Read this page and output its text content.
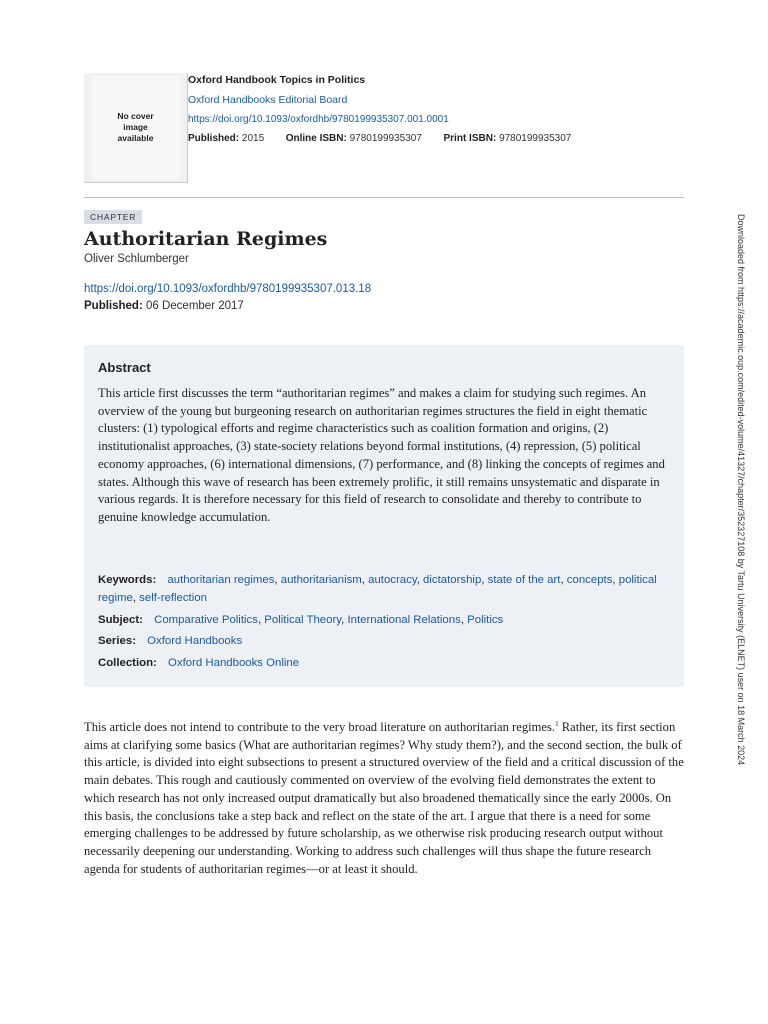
No cover image available
Oxford Handbook Topics in Politics
Oxford Handbooks Editorial Board
https://doi.org/10.1093/oxfordhb/9780199935307.001.0001
Published: 2015 Online ISBN: 9780199935307 Print ISBN: 9780199935307
CHAPTER
Authoritarian Regimes
Oliver Schlumberger
https://doi.org/10.1093/oxfordhb/9780199935307.013.18
Published: 06 December 2017
Abstract

This article first discusses the term “authoritarian regimes” and makes a claim for studying such regimes. An overview of the young but burgeoning research on authoritarian regimes structures the field in eight thematic clusters: (1) typological efforts and regime characteristics such as coalition formation and origins, (2) institutionalist approaches, (3) state-society relations beyond formal institutions, (4) repression, (5) political economy approaches, (6) international dimensions, (7) performance, and (8) linking the concepts of regimes and states. Although this wave of research has been extremely prolific, it still remains unsystematic and disparate in various regards. It is therefore necessary for this field of research to consolidate and thereby to contribute to genuine knowledge accumulation.

Keywords: authoritarian regimes, authoritarianism, autocracy, dictatorship, state of the art, concepts, political regime, self-reflection
Subject: Comparative Politics, Political Theory, International Relations, Politics
Series: Oxford Handbooks
Collection: Oxford Handbooks Online

This article does not intend to contribute to the very broad literature on authoritarian regimes.$^1$ Rather, its first section aims at clarifying some basics (What are authoritarian regimes? Why study them?), and the second section, the bulk of this article, is divided into eight subsections to present a structured overview of the field and a critical discussion of the main debates. This rough and cautiously commented on overview of the evolving field demonstrates the extent to which research has not only increased output dramatically but also broadened thematically since the early 2000s. On this basis, the conclusions take a step back and reflect on the state of the art. I argue that there is a need for some emerging challenges to be addressed by future scholarship, as we otherwise risk producing research output without necessarily deepening our understanding. Working to address such challenges will thus shape the future research agenda for students of authoritarian regimes—or at least it should.

Downloaded from https://academic.oup.com/edited-volume/41327/chapter/352327108 by Tartu University (ELNET) user on 18 March 2024
